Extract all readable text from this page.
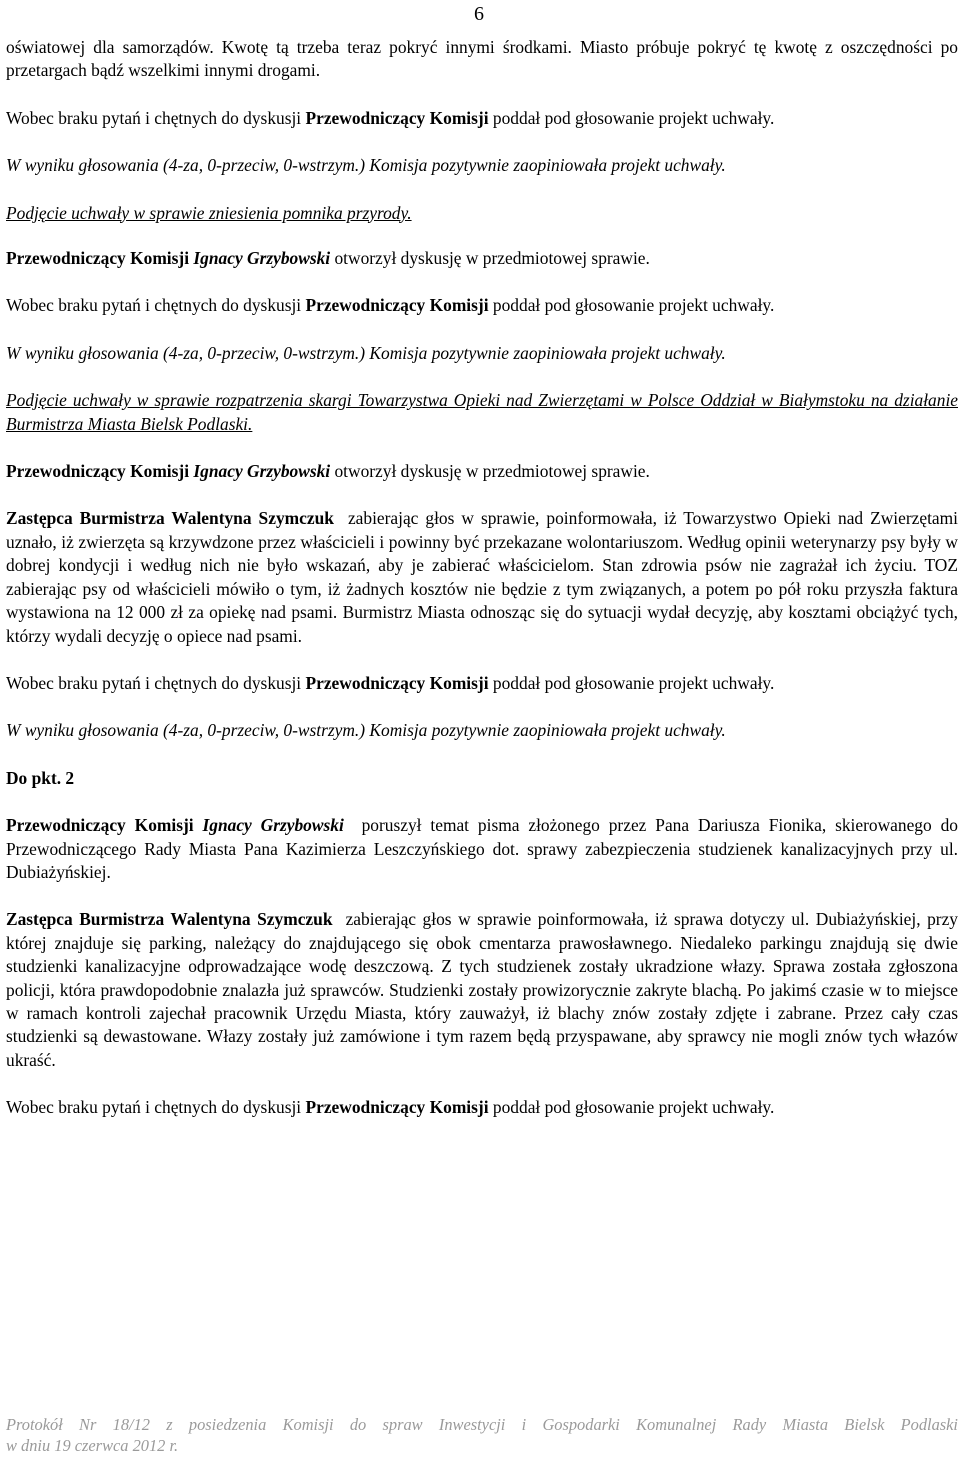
6

oświatowej dla samorządów. Kwotę tą trzeba teraz pokryć innymi środkami. Miasto próbuje pokryć tę kwotę z oszczędności po przetargach bądź wszelkimi innymi drogami.

Wobec braku pytań i chętnych do dyskusji Przewodniczący Komisji poddał pod głosowanie projekt uchwały.

W wyniku głosowania (4-za, 0-przeciw, 0-wstrzym.) Komisja pozytywnie zaopiniowała projekt uchwały.

Podjęcie uchwały w sprawie zniesienia pomnika przyrody.

Przewodniczący Komisji Ignacy Grzybowski otworzył dyskusję w przedmiotowej sprawie.

Wobec braku pytań i chętnych do dyskusji Przewodniczący Komisji poddał pod głosowanie projekt uchwały.

W wyniku głosowania (4-za, 0-przeciw, 0-wstrzym.) Komisja pozytywnie zaopiniowała projekt uchwały.

Podjęcie uchwały w sprawie rozpatrzenia skargi Towarzystwa Opieki nad Zwierzętami w Polsce Oddział w Białymstoku na działanie Burmistrza Miasta Bielsk Podlaski.

Przewodniczący Komisji Ignacy Grzybowski otworzył dyskusję w przedmiotowej sprawie.

Zastępca Burmistrza Walentyna Szymczuk zabierając głos w sprawie, poinformowała, iż Towarzystwo Opieki nad Zwierzętami uznało, iż zwierzęta są krzywdzone przez właścicieli i powinny być przekazane wolontariuszom. Według opinii weterynarzy psy były w dobrej kondycji i według nich nie było wskazań, aby je zabierać właścicielom. Stan zdrowia psów nie zagrażał ich życiu. TOZ zabierając psy od właścicieli mówiło o tym, iż żadnych kosztów nie będzie z tym związanych, a potem po pół roku przyszła faktura wystawiona na 12 000 zł za opiekę nad psami. Burmistrz Miasta odnosząc się do sytuacji wydał decyzję, aby kosztami obciążyć tych, którzy wydali decyzję o opiece nad psami.

Wobec braku pytań i chętnych do dyskusji Przewodniczący Komisji poddał pod głosowanie projekt uchwały.

W wyniku głosowania (4-za, 0-przeciw, 0-wstrzym.) Komisja pozytywnie zaopiniowała projekt uchwały.

Do pkt. 2

Przewodniczący Komisji Ignacy Grzybowski poruszył temat pisma złożonego przez Pana Dariusza Fionika, skierowanego do Przewodniczącego Rady Miasta Pana Kazimierza Leszczyńskiego dot. sprawy zabezpieczenia studzienek kanalizacyjnych przy ul. Dubiażyńskiej.

Zastępca Burmistrza Walentyna Szymczuk zabierając głos w sprawie poinformowała, iż sprawa dotyczy ul. Dubiażyńskiej, przy której znajduje się parking, należący do znajdującego się obok cmentarza prawosławnego. Niedaleko parkingu znajdują się dwie studzienki kanalizacyjne odprowadzające wodę deszczową. Z tych studzienek zostały ukradzione włazy. Sprawa została zgłoszona policji, która prawdopodobnie znalazła już sprawców. Studzienki zostały prowizorycznie zakryte blachą. Po jakimś czasie w to miejsce w ramach kontroli zajechał pracownik Urzędu Miasta, który zauważył, iż blachy znów zostały zdjęte i zabrane. Przez cały czas studzienki są dewastowane. Włazy zostały już zamówione i tym razem będą przyspawane, aby sprawcy nie mogli znów tych włazów ukraść.

Wobec braku pytań i chętnych do dyskusji Przewodniczący Komisji poddał pod głosowanie projekt uchwały.

Protokół Nr 18/12 z posiedzenia Komisji do spraw Inwestycji i Gospodarki Komunalnej Rady Miasta Bielsk Podlaski
w dniu 19 czerwca 2012 r.
